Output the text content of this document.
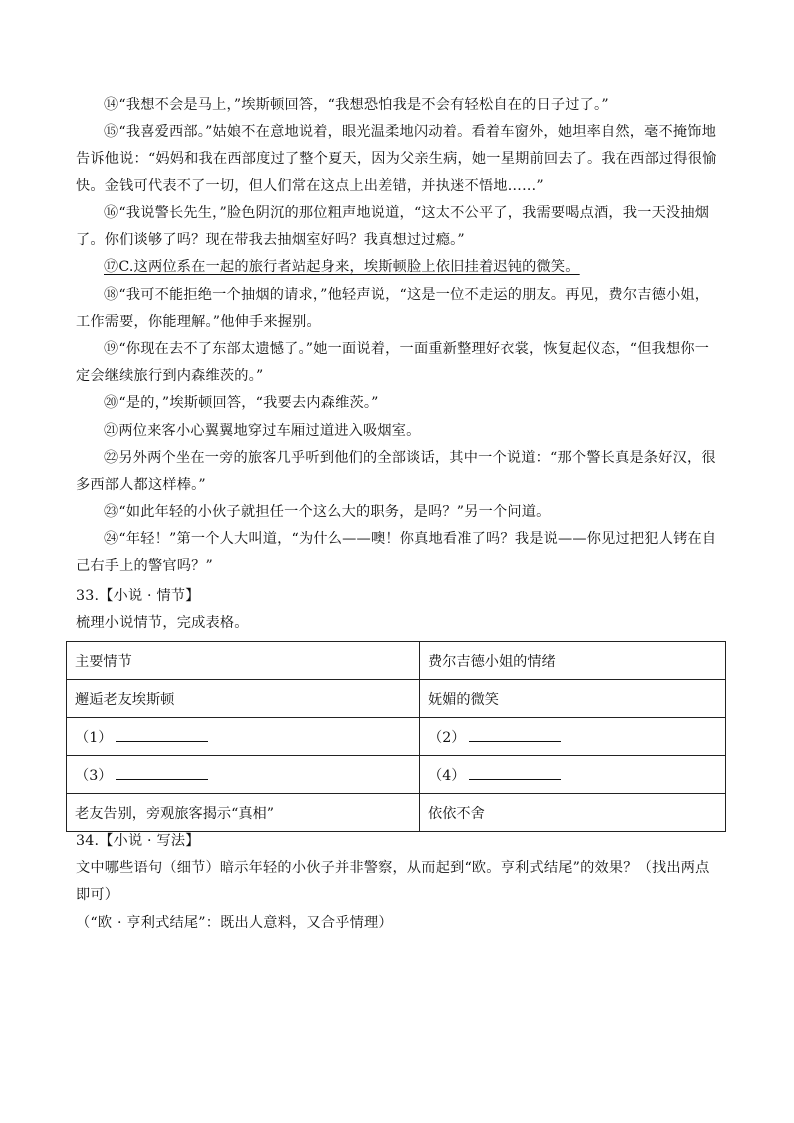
⑭“我想不会是马上，”埃斯顿回答，“我想恐怕我是不会有轻松自在的日子过了。”

⑮“我喜爱西部。”姑娘不在意地说着，眼光温柔地闪动着。看着车窗外，她坦率自然，毫不掩饰地告诉他说：“妈妈和我在西部度过了整个夏天，因为父亲生病，她一星期前回去了。我在西部过得很愉快。金钱可代表不了一切，但人们常在这点上出差错，并执迷不悟地……”

⑯“我说警长先生，”脸色阴沉的那位粗声地说道，“这太不公平了，我需要喝点酒，我一天没抽烟了。你们谈够了吗？现在带我去抽烟室好吗？我真想过过瘾。”

⑰C.这两位系在一起的旅行者站起身来，埃斯顿脸上依旧挂着迟钝的微笑。

⑱“我可不能拒绝一个抽烟的请求，”他轻声说，“这是一位不走运的朋友。再见，费尔吉德小姐，工作需要，你能理解。”他伸手来握别。

⑲“你现在去不了东部太遗憾了。”她一面说着，一面重新整理好衣裳，恢复起仪态，“但我想你一定会继续旅行到内森维茨的。”

⑳“是的，”埃斯顿回答，“我要去内森维茨。”

㉑两位来客小心翼翼地穿过车厢过道进入吸烟室。

㉒另外两个坐在一旁的旅客几乎听到他们的全部谈话，其中一个说道：“那个警长真是条好汉，很多西部人都这样棒。”

㉓“如此年轻的小伙子就担任一个这么大的职务，是吗？”另一个问道。

㉔“年轻！”第一个人大叫道，“为什么——噢！你真地看准了吗？我是说——你见过把犯人铐在自己右手上的警官吗？”

33.【小说 · 情节】

梳理小说情节，完成表格。

主要情节	费尔吉德小姐的情绪
邂逅老友埃斯顿	妩媚的微笑
（1）	（2）
（3）	（4）
老友告别，旁观旅客揭示“真相”	依依不舍

34.【小说 · 写法】

文中哪些语句（细节）暗示年轻的小伙子并非警察，从而起到“欧。亨利式结尾”的效果？（找出两点即可）

（“欧 · 亨利式结尾”：既出人意料，又合乎情理）
